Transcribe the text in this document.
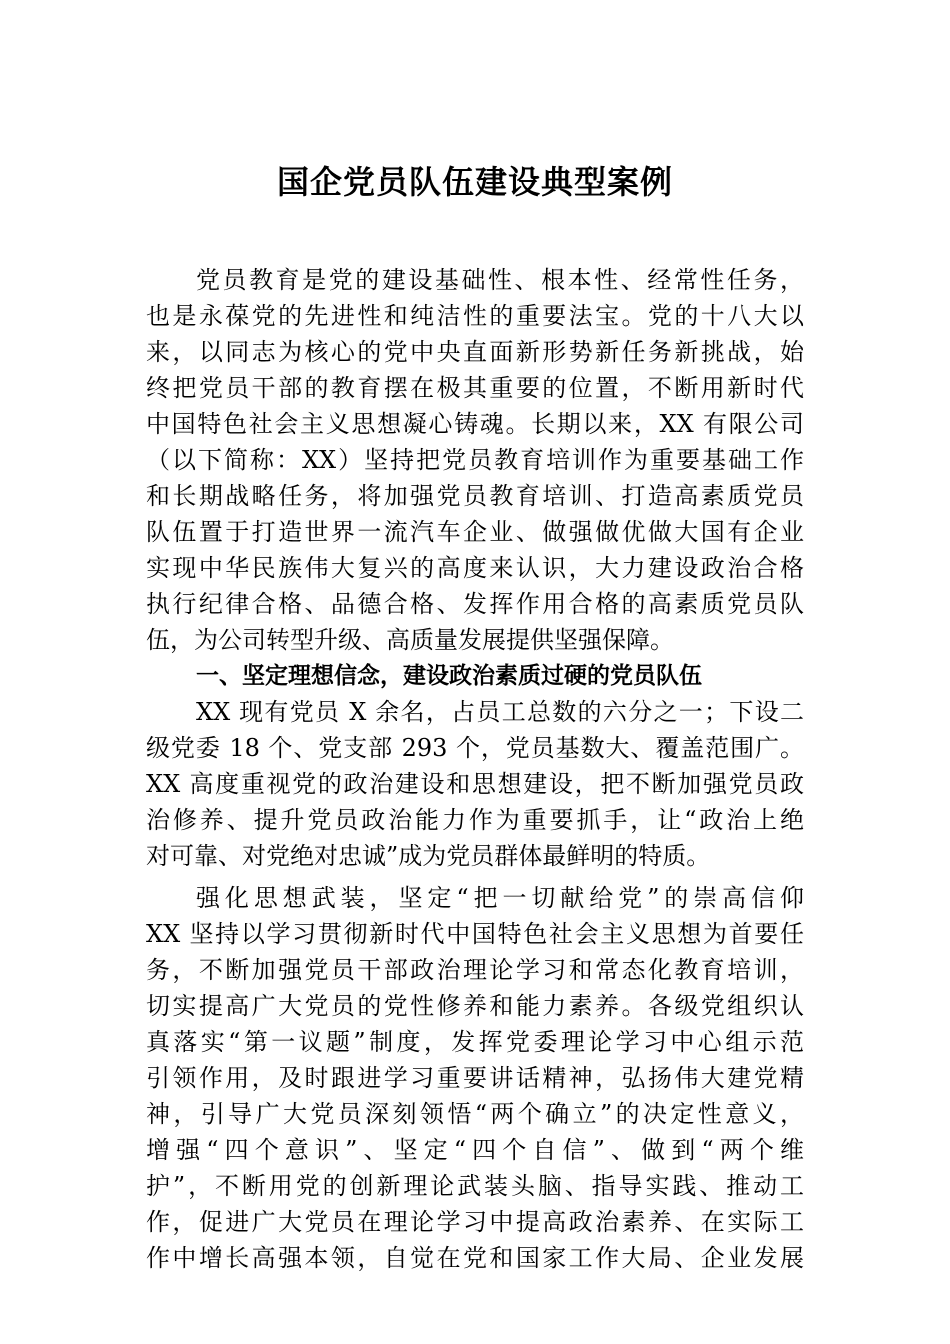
国企党员队伍建设典型案例
党员教育是党的建设基础性、根本性、经常性任务，
也是永葆党的先进性和纯洁性的重要法宝。党的十八大以
来，以同志为核心的党中央直面新形势新任务新挑战，始
终把党员干部的教育摆在极其重要的位置，不断用新时代
中国特色社会主义思想凝心铸魂。长期以来，XX 有限公司
（以下简称：XX）坚持把党员教育培训作为重要基础工作
和长期战略任务，将加强党员教育培训、打造高素质党员
队伍置于打造世界一流汽车企业、做强做优做大国有企业
实现中华民族伟大复兴的高度来认识，大力建设政治合格
执行纪律合格、品德合格、发挥作用合格的高素质党员队
伍，为公司转型升级、高质量发展提供坚强保障。
一、坚定理想信念，建设政治素质过硬的党员队伍
XX 现有党员 X 余名，占员工总数的六分之一；下设二
级党委 18 个、党支部 293 个，党员基数大、覆盖范围广。
XX 高度重视党的政治建设和思想建设，把不断加强党员政
治修养、提升党员政治能力作为重要抓手，让“政治上绝
对可靠、对党绝对忠诚”成为党员群体最鲜明的特质。
强化思想武装，坚定“把一切献给党”的崇高信仰
XX 坚持以学习贯彻新时代中国特色社会主义思想为首要任
务，不断加强党员干部政治理论学习和常态化教育培训，
切实提高广大党员的党性修养和能力素养。各级党组织认
真落实“第一议题”制度，发挥党委理论学习中心组示范
引领作用，及时跟进学习重要讲话精神，弘扬伟大建党精
神，引导广大党员深刻领悟“两个确立”的决定性意义，
增强“四个意识”、坚定“四个自信”、做到“两个维
护”，不断用党的创新理论武装头脑、指导实践、推动工
作，促进广大党员在理论学习中提高政治素养、在实际工
作中增长高强本领，自觉在党和国家工作大局、企业发展
